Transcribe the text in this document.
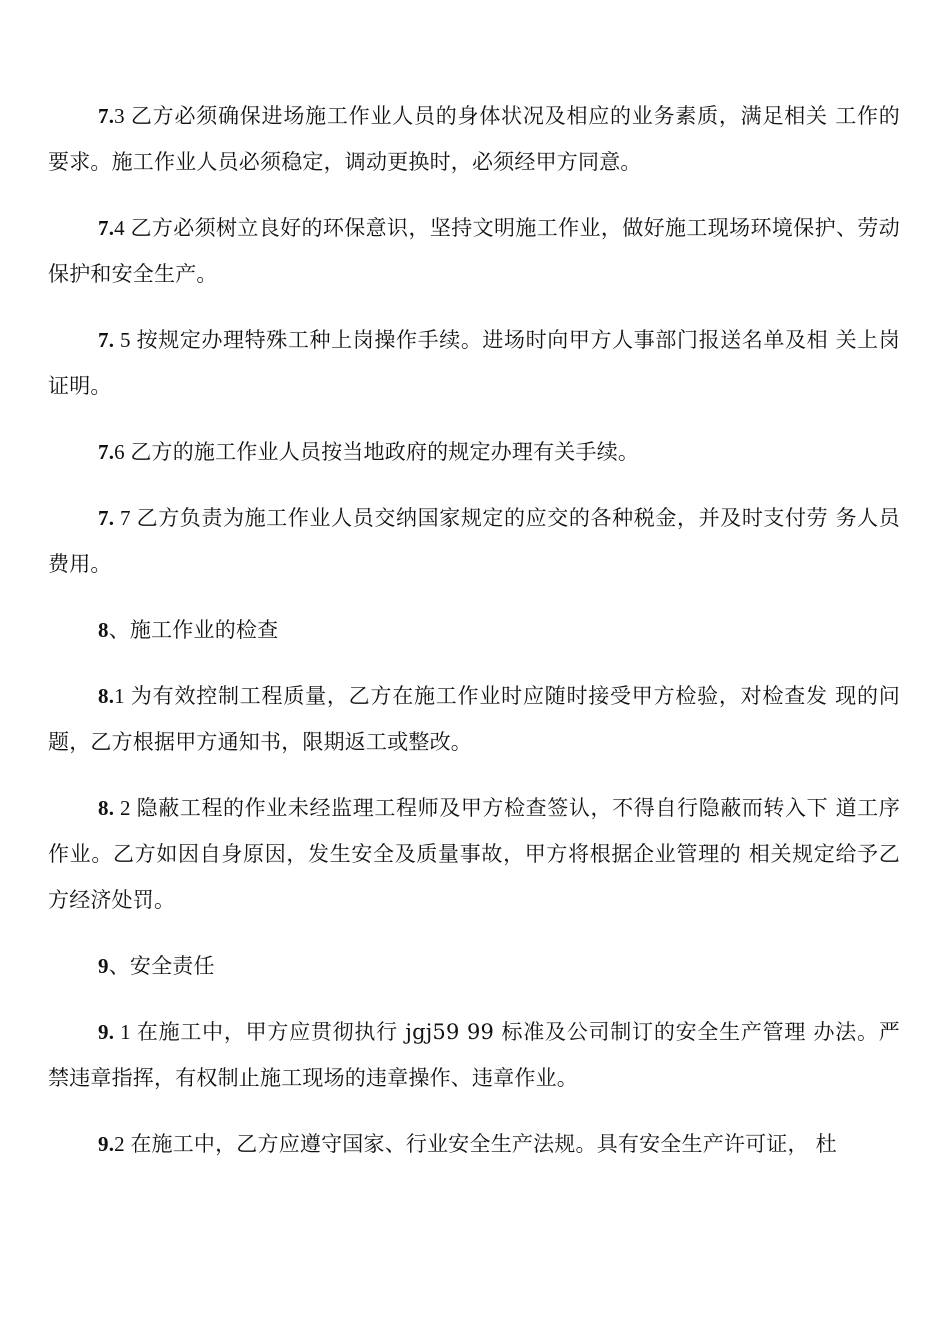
7.3 乙方必须确保进场施工作业人员的身体状况及相应的业务素质，满足相关 工作的要求。施工作业人员必须稳定，调动更换时，必须经甲方同意。

7.4 乙方必须树立良好的环保意识，坚持文明施工作业，做好施工现场环境保护、劳动保护和安全生产。

7. 5 按规定办理特殊工种上岗操作手续。进场时向甲方人事部门报送名单及相 关上岗证明。

7.6 乙方的施工作业人员按当地政府的规定办理有关手续。

7. 7 乙方负责为施工作业人员交纳国家规定的应交的各种税金，并及时支付劳 务人员费用。

8、施工作业的检查

8.1 为有效控制工程质量，乙方在施工作业时应随时接受甲方检验，对检查发 现的问题，乙方根据甲方通知书，限期返工或整改。

8. 2 隐蔽工程的作业未经监理工程师及甲方检查签认，不得自行隐蔽而转入下 道工序作业。乙方如因自身原因，发生安全及质量事故，甲方将根据企业管理的 相关规定给予乙方经济处罚。

9、安全责任

9. 1 在施工中，甲方应贯彻执行 jgj59 99 标准及公司制订的安全生产管理 办法。严禁违章指挥，有权制止施工现场的违章操作、违章作业。

9.2 在施工中，乙方应遵守国家、行业安全生产法规。具有安全生产许可证， 杜
